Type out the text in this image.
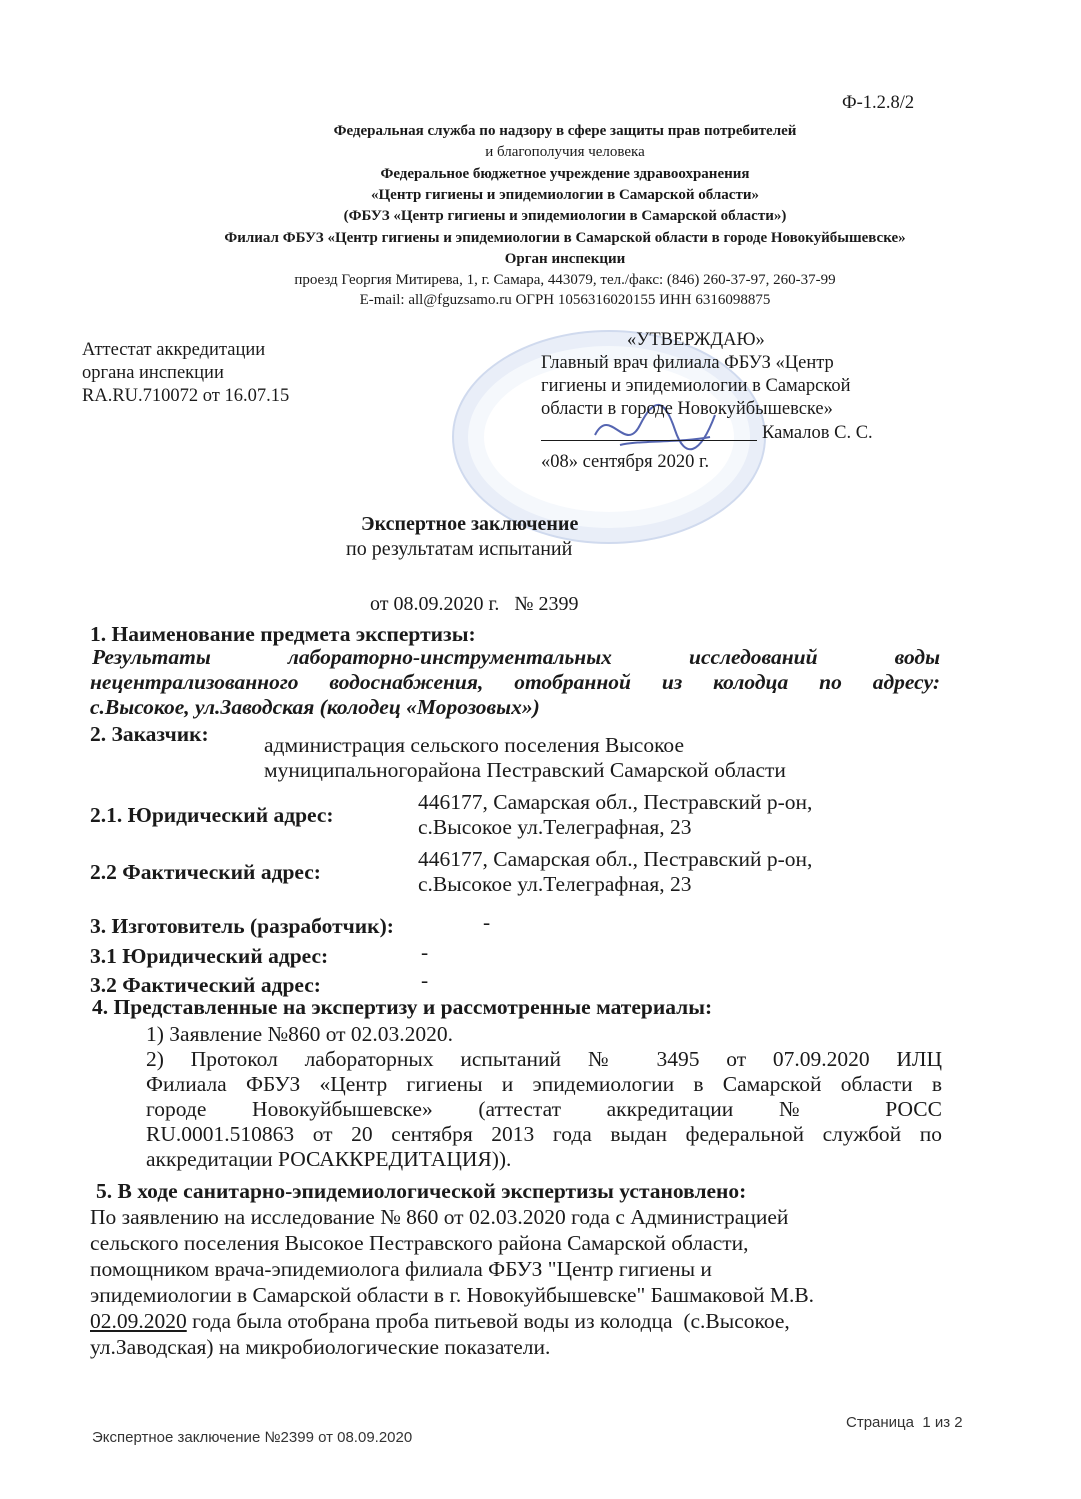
Ф-1.2.8/2
Федеральная служба по надзору в сфере защиты прав потребителей
и благополучия человека
Федеральное бюджетное учреждение здравоохранения
«Центр гигиены и эпидемиологии в Самарской области»
(ФБУЗ «Центр гигиены и эпидемиологии в Самарской области»)
Филиал ФБУЗ «Центр гигиены и эпидемиологии в Самарской области в городе Новокуйбышевске»
Орган инспекции
проезд Георгия Митирева, 1, г. Самара, 443079, тел./факс: (846) 260-37-97, 260-37-99
E-mail: all@fguzsamo.ru ОГРН 1056316020155 ИНН 6316098875
Аттестат аккредитации
органа инспекции
RA.RU.710072 от 16.07.15
«УТВЕРЖДАЮ»
Главный врач филиала ФБУЗ «Центр
гигиены и эпидемиологии в Самарской
области в городе Новокуйбышевске»
Камалов С. С.
«08» сентября 2020 г.
Экспертное заключение
по результатам испытаний
от 08.09.2020 г.   № 2399
1. Наименование предмета экспертизы:
Результаты лабораторно-инструментальных исследований воды
нецентрализованного водоснабжения, отобранной из колодца по адресу:
с.Высокое, ул.Заводская (колодец «Морозовых»)
2. Заказчик:	администрация сельского поселения Высокое
муниципальногорайона Пестравский Самарской области
2.1. Юридический адрес:
446177, Самарская обл., Пестравский р-он,
с.Высокое ул.Телеграфная, 23
2.2 Фактический адрес:
446177, Самарская обл., Пестравский р-он,
с.Высокое ул.Телеграфная, 23
3. Изготовитель (разработчик):	-
3.1 Юридический адрес:	-
3.2 Фактический адрес:	-
4. Представленные на экспертизу и рассмотренные материалы:
1) Заявление №860 от 02.03.2020.
2) Протокол лабораторных испытаний № 3495 от 07.09.2020 ИЛЦ
Филиала ФБУЗ «Центр гигиены и эпидемиологии в Самарской области в
городе Новокуйбышевске» (аттестат аккредитации № РОСС
RU.0001.510863 от 20 сентября 2013 года выдан федеральной службой по
аккредитации РОСАККРЕДИТАЦИЯ)).
5. В ходе санитарно-эпидемиологической экспертизы установлено:
По заявлению на исследование № 860 от 02.03.2020 года с Администрацией
сельского поселения Высокое Пестравского района Самарской области,
помощником врача-эпидемиолога филиала ФБУЗ "Центр гигиены и
эпидемиологии в Самарской области в г. Новокуйбышевске" Башмаковой М.В.
02.09.2020 года была отобрана проба питьевой воды из колодца  (с.Высокое,
ул.Заводская) на микробиологические показатели.
Экспертное заключение №2399 от 08.09.2020
Страница  1 из 2
